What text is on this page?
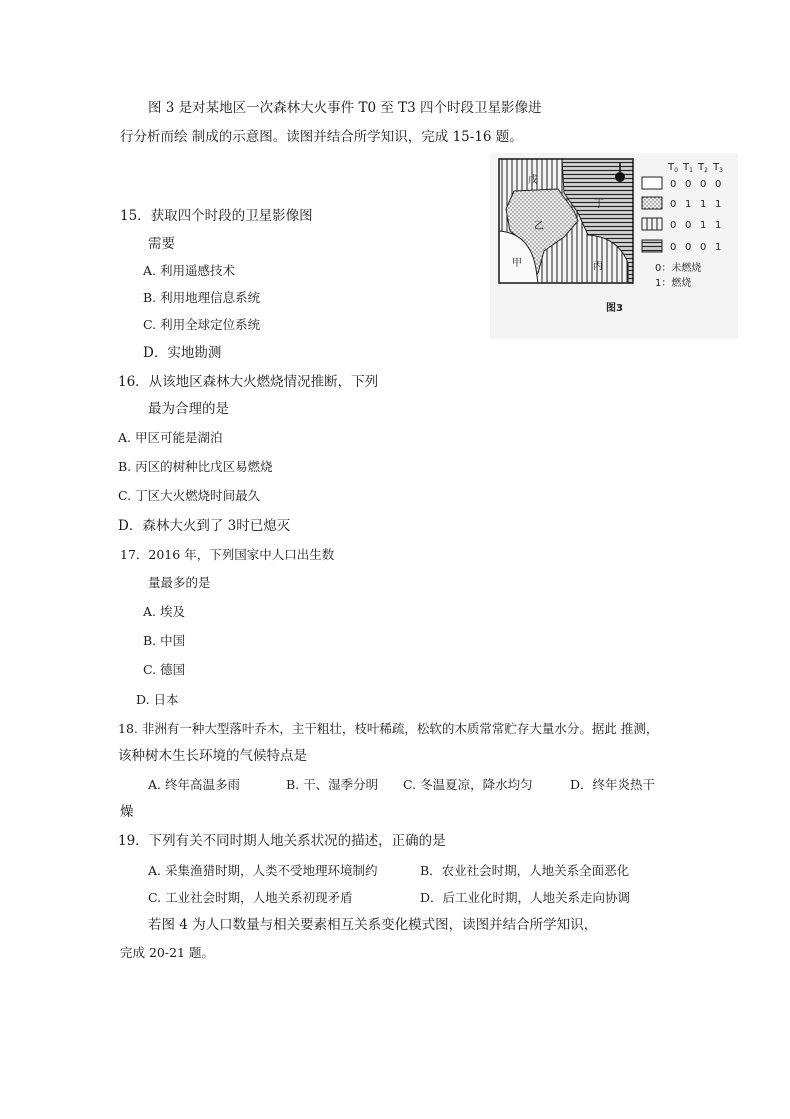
图 3 是对某地区一次森林大火事件 T0 至 T3 四个时段卫星影像进
行分析而绘 制成的示意图。读图并结合所学知识，完成 15-16 题。
戊
丁
乙
甲	丙
$T_0$ $T_1$ $T_2$ $T_3$
0 0 0 0
0 1 1 1
0 0 1 1
0 0 0 1
0：未燃烧
1：燃烧
图3
15．获取四个时段的卫星影像图
需要
A. 利用遥感技术
B. 利用地理信息系统
C. 利用全球定位系统
D．实地勘测
16．从该地区森林大火燃烧情况推断，下列
最为合理的是
A. 甲区可能是湖泊
B. 丙区的树种比戊区易燃烧
C. 丁区大火燃烧时间最久
D．森林大火到了 3时已熄灭
17．2016 年，下列国家中人口出生数
量最多的是
A. 埃及
B. 中国
C. 德国
D. 日本
18. 非洲有一种大型落叶乔木，主干粗壮，枝叶稀疏，松软的木质常常贮存大量水分。据此 推测，
该种树木生长环境的气候特点是
A. 终年高温多雨	B. 干、湿季分明 C. 冬温夏凉，降水均匀	D．终年炎热干
燥
19．下列有关不同时期人地关系状况的描述，正确的是
A. 采集渔猎时期，人类不受地理环境制约	B．农业社会时期，人地关系全面恶化
C. 工业社会时期，人地关系初现矛盾	D．后工业化时期，人地关系走向协调
若图 4 为人口数量与相关要素相互关系变化模式图，读图并结合所学知识，
完成 20-21 题。
